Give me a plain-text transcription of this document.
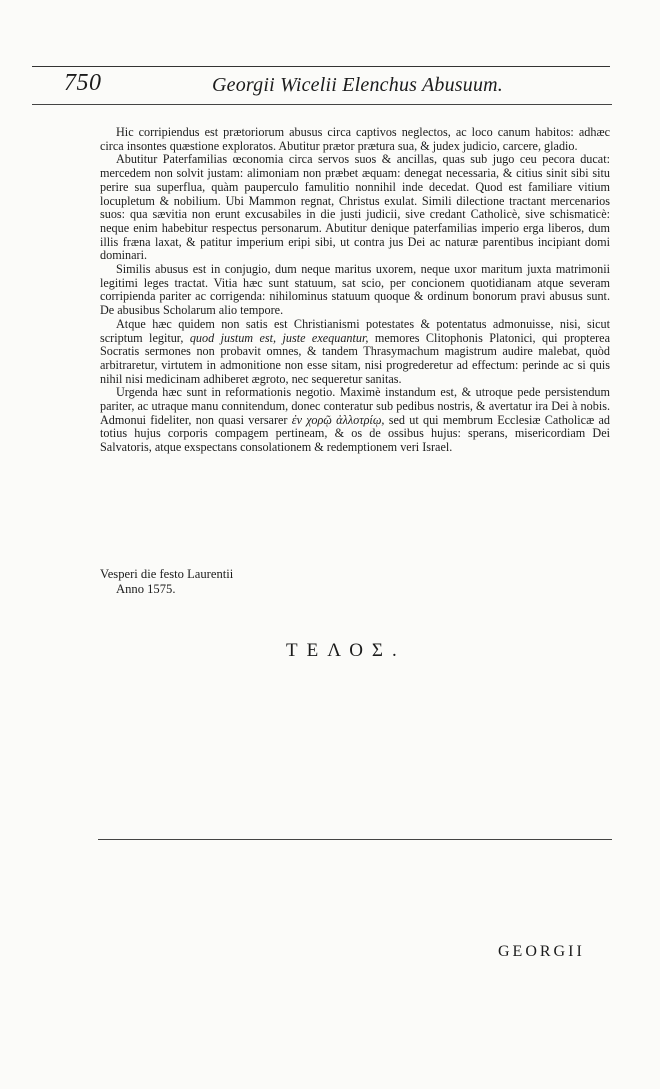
750	Georgii Wicelii Elenchus Abusuum.

Hic corripiendus est prætoriorum abusus circa captivos neglectos, ac loco canum habitos: adhæc circa insontes quæstione exploratos. Abutitur prætor prætura sua, & judex judicio, carcere, gladio.

Abutitur Paterfamilias œconomia circa servos suos & ancillas, quas sub jugo ceu pecora ducat: mercedem non solvit justam: alimoniam non præbet æquam: denegat necessaria, & citius sinit sibi situ perire sua superflua, quàm pauperculo famulitio nonnihil inde decedat. Quod est familiare vitium locupletum & nobilium. Ubi Mammon regnat, Christus exulat. Simili dilectione tractant mercenarios suos: qua sævitia non erunt excusabiles in die justi judicii, sive credant Catholicè, sive schismaticè: neque enim habebitur respectus personarum. Abutitur denique paterfamilias imperio erga liberos, dum illis fræna laxat, & patitur imperium eripi sibi, ut contra jus Dei ac naturæ parentibus incipiant domi dominari.

Similis abusus est in conjugio, dum neque maritus uxorem, neque uxor maritum juxta matrimonii legitimi leges tractat. Vitia hæc sunt statuum, sat scio, per concionem quotidianam atque severam corripienda pariter ac corrigenda: nihilominus statuum quoque & ordinum bonorum pravi abusus sunt. De abusibus Scholarum alio tempore.

Atque hæc quidem non satis est Christianismi potestates & potentatus admonuisse, nisi, sicut scriptum legitur, quod justum est, juste exequantur, memores Clitophonis Platonici, qui propterea Socratis sermones non probavit omnes, & tandem Thrasymachum magistrum audire malebat, quòd arbitraretur, virtutem in admonitione non esse sitam, nisi progrederetur ad effectum: perinde ac si quis nihil nisi medicinam adhiberet ægroto, nec sequeretur sanitas.

Urgenda hæc sunt in reformationis negotio. Maximè instandum est, & utroque pede persistendum pariter, ac utraque manu connitendum, donec conteratur sub pedibus nostris, & avertatur ira Dei à nobis. Admonui fideliter, non quasi versarer ἐν χορῷ ἀλλοτρίῳ, sed ut qui membrum Ecclesiæ Catholicæ ad totius hujus corporis compagem pertineam, & os de ossibus hujus: sperans, misericordiam Dei Salvatoris, atque exspectans consolationem & redemptionem veri Israel.

Vesperi die festo Laurentii
Anno 1575.
ΤΕΛΟΣ.
GEORGII
